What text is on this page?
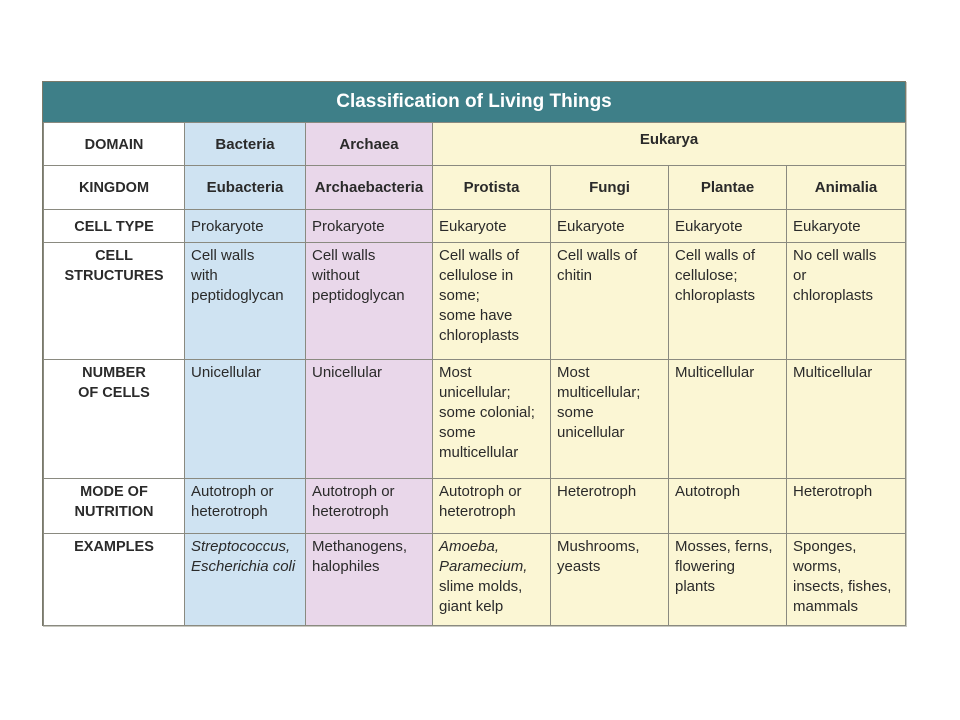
Classification of Living Things
DOMAIN	Bacteria	Archaea	Eukarya			
KINGDOM	Eubacteria	Archaebacteria	Protista	Fungi	Plantae	Animalia
CELL TYPE	Prokaryote	Prokaryote	Eukaryote	Eukaryote	Eukaryote	Eukaryote

CELL
STRUCTURES	Cell walls
with
peptidoglycan	Cell walls
without
peptidoglycan	Cell walls of
cellulose in
some;
some have
chloroplasts	Cell walls of
chitin	Cell walls of
cellulose;
chloroplasts	No cell walls
or
chloroplasts

NUMBER
OF CELLS	Unicellular	Unicellular	Most
unicellular;
some colonial;
some
multicellular	Most
multicellular;
some
unicellular	Multicellular	Multicellular

MODE OF
NUTRITION	Autotroph or
heterotroph	Autotroph or
heterotroph	Autotroph or
heterotroph	Heterotroph	Autotroph	Heterotroph

EXAMPLES	Streptococcus,
Escherichia coli	Methanogens,
halophiles	Amoeba,
Paramecium,
slime molds,
giant kelp	Mushrooms,
yeasts	Mosses, ferns,
flowering
plants	Sponges,
worms,
insects, fishes,
mammals
